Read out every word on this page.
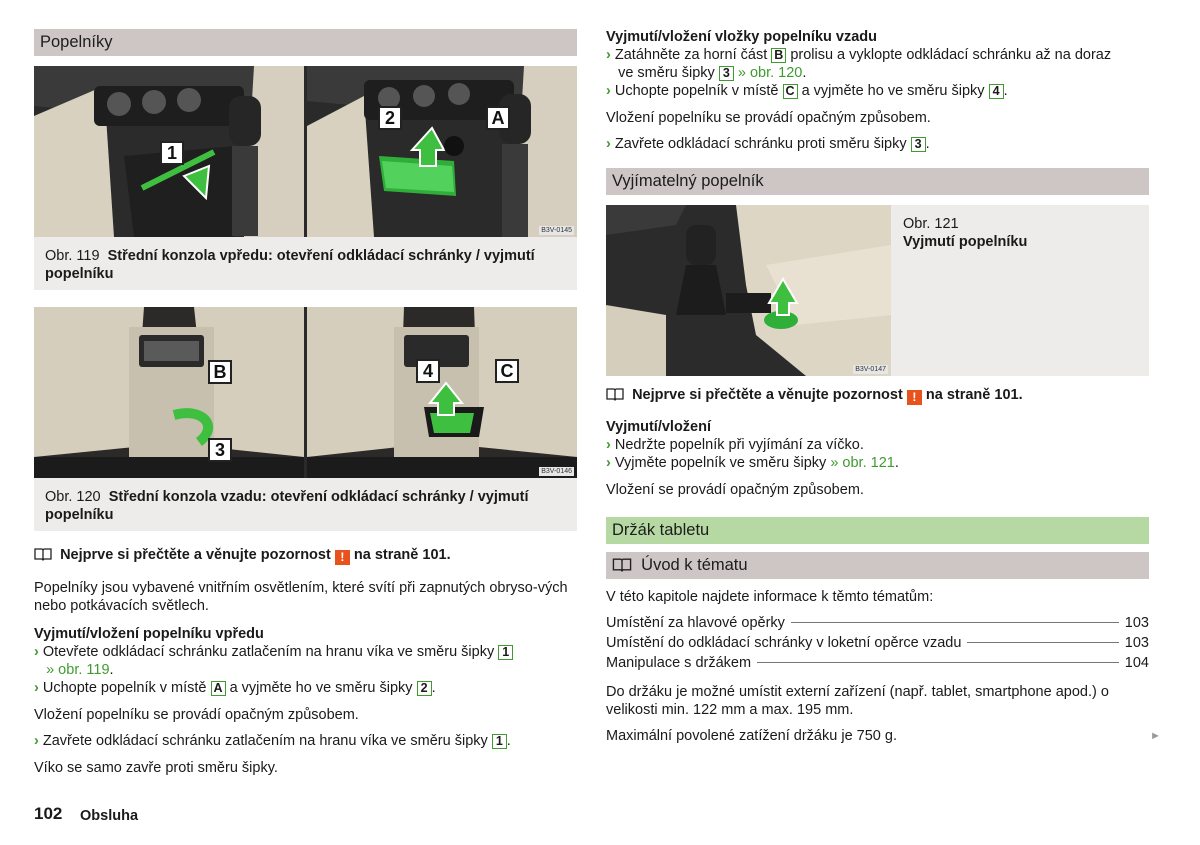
Popelníky
1
2	A
B3V-0145
Obr. 119 Střední konzola vpředu: otevření odkládací schránky / vyjmutí popelníku
B
3
4	C
B3V-0146
Obr. 120 Střední konzola vzadu: otevření odkládací schránky / vyjmutí popelníku
Nejprve si přečtěte a věnujte pozornost ! na straně 101.
Popelníky jsou vybavené vnitřním osvětlením, které svítí při zapnutých obryso-vých nebo potkávacích světlech.
Vyjmutí/vložení popelníku vpředu
› Otevřete odkládací schránku zatlačením na hranu víka ve směru šipky 1
» obr. 119.
› Uchopte popelník v místě A a vyjměte ho ve směru šipky 2 .
Vložení popelníku se provádí opačným způsobem.
› Zavřete odkládací schránku zatlačením na hranu víka ve směru šipky 1 .
Víko se samo zavře proti směru šipky.
102 Obsluha
Vyjmutí/vložení vložky popelníku vzadu
› Zatáhněte za horní část B prolisu a vyklopte odkládací schránku až na doraz
ve směru šipky 3 » obr. 120.
› Uchopte popelník v místě C a vyjměte ho ve směru šipky 4 .
Vložení popelníku se provádí opačným způsobem.
› Zavřete odkládací schránku proti směru šipky 3 .
Vyjímatelný popelník
B3V-0147
Obr. 121
Vyjmutí popelníku
Nejprve si přečtěte a věnujte pozornost ! na straně 101.
Vyjmutí/vložení
› Nedržte popelník při vyjímání za víčko.
› Vyjměte popelník ve směru šipky » obr. 121.
Vložení se provádí opačným způsobem.
Držák tabletu
Úvod k tématu
V této kapitole najdete informace k těmto tématům:
Umístění za hlavové opěrky	103
Umístění do odkládací schránky v loketní opěrce vzadu	103
Manipulace s držákem	104
Do držáku je možné umístit externí zařízení (např. tablet, smartphone apod.) o velikosti min. 122 mm a max. 195 mm.
Maximální povolené zatížení držáku je 750 g.	►
